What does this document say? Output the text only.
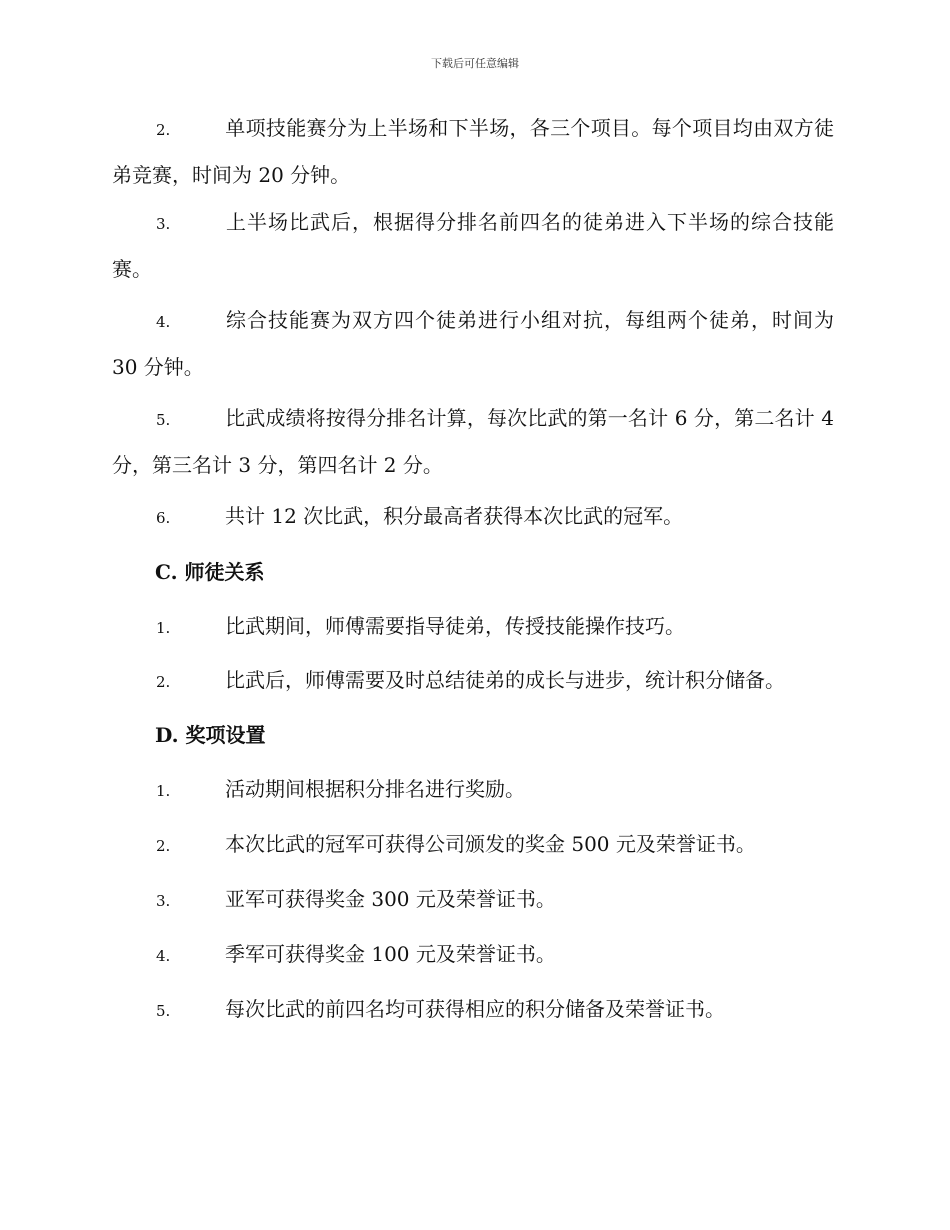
下载后可任意编辑

2.	单项技能赛分为上半场和下半场，各三个项目。每个项目均由双方徒弟竞赛，时间为 20 分钟。

3.	上半场比武后，根据得分排名前四名的徒弟进入下半场的综合技能赛。

4.	综合技能赛为双方四个徒弟进行小组对抗，每组两个徒弟，时间为 30 分钟。

5.	比武成绩将按得分排名计算，每次比武的第一名计 6 分，第二名计 4 分，第三名计 3 分，第四名计 2 分。

6.	共计 12 次比武，积分最高者获得本次比武的冠军。

C. 师徒关系

1.	比武期间，师傅需要指导徒弟，传授技能操作技巧。

2.	比武后，师傅需要及时总结徒弟的成长与进步，统计积分储备。

D. 奖项设置

1.	活动期间根据积分排名进行奖励。

2.	本次比武的冠军可获得公司颁发的奖金 500 元及荣誉证书。

3.	亚军可获得奖金 300 元及荣誉证书。

4.	季军可获得奖金 100 元及荣誉证书。

5.	每次比武的前四名均可获得相应的积分储备及荣誉证书。
